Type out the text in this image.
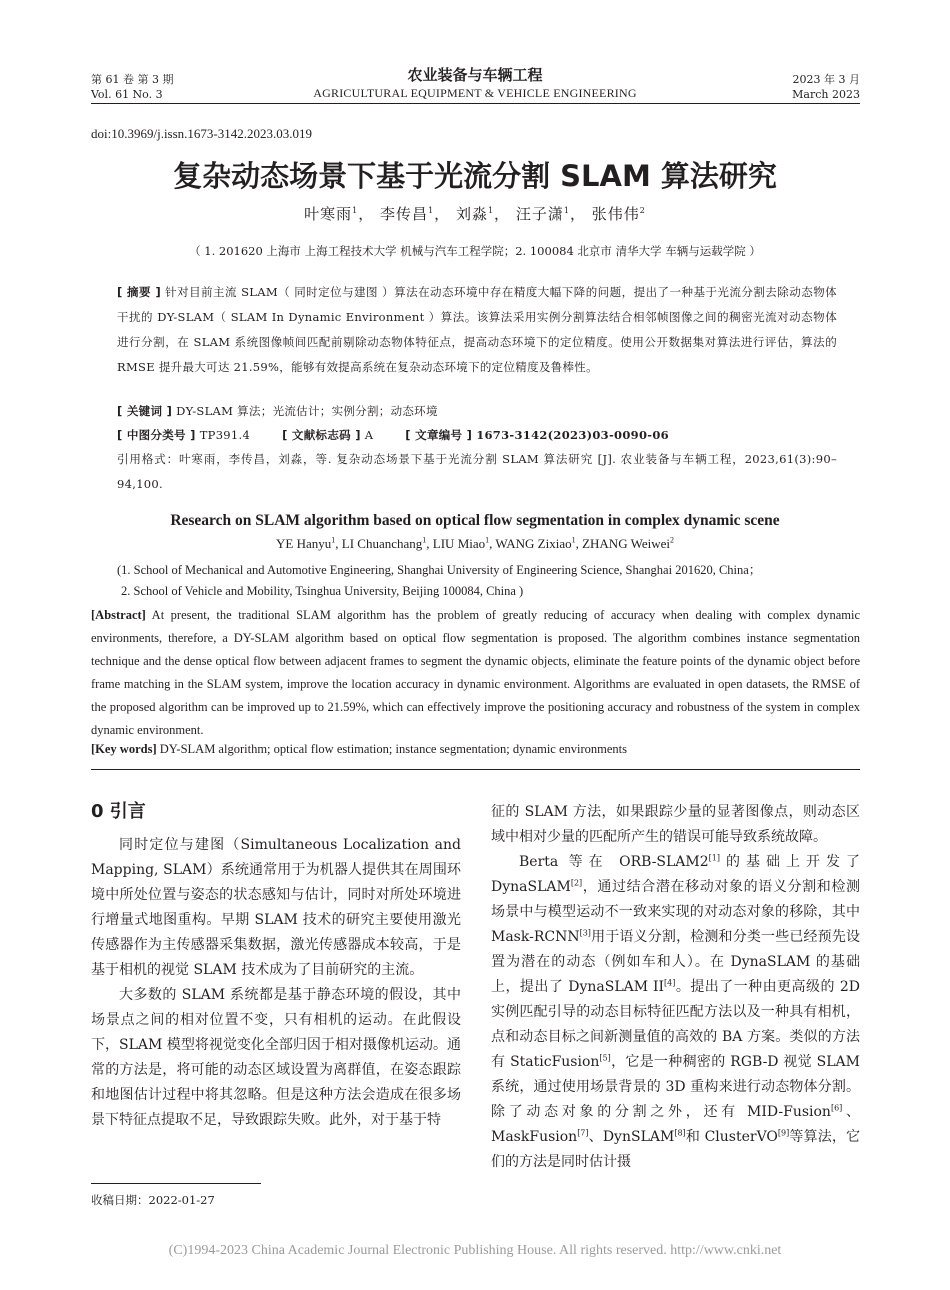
第 61 卷 第 3 期
Vol. 61 No. 3
农业装备与车辆工程
AGRICULTURAL EQUIPMENT & VEHICLE ENGINEERING
2023 年 3 月
March 2023
doi:10.3969/j.issn.1673-3142.2023.03.019
复杂动态场景下基于光流分割 SLAM 算法研究
叶寒雨$^1$， 李传昌$^1$， 刘淼$^1$， 汪子潇$^1$， 张伟伟$^2$
（ 1. 201620 上海市 上海工程技术大学 机械与汽车工程学院；2. 100084 北京市 清华大学 车辆与运载学院 ）
[ 摘要 ] 针对目前主流 SLAM（ 同时定位与建图 ）算法在动态环境中存在精度大幅下降的问题，提出了一种基于光流分割去除动态物体干扰的 DY-SLAM（ SLAM In Dynamic Environment ）算法。该算法采用实例分割算法结合相邻帧图像之间的稠密光流对动态物体进行分割，在 SLAM 系统图像帧间匹配前剔除动态物体特征点，提高动态环境下的定位精度。使用公开数据集对算法进行评估，算法的 RMSE 提升最大可达 21.59%，能够有效提高系统在复杂动态环境下的定位精度及鲁棒性。
[ 关键词 ] DY-SLAM 算法；光流估计；实例分割；动态环境
[ 中图分类号 ] TP391.4	[ 文献标志码 ] A	[ 文章编号 ] 1673-3142(2023)03-0090-06
引用格式：叶寒雨，李传昌，刘淼，等. 复杂动态场景下基于光流分割 SLAM 算法研究 [J]. 农业装备与车辆工程，2023,61(3):90–94,100.
Research on SLAM algorithm based on optical flow segmentation in complex dynamic scene
YE Hanyu$^1$, LI Chuanchang$^1$, LIU Miao$^1$, WANG Zixiao$^1$, ZHANG Weiwei$^2$
(1. School of Mechanical and Automotive Engineering, Shanghai University of Engineering Science, Shanghai 201620, China；
2. School of Vehicle and Mobility, Tsinghua University, Beijing 100084, China )
[Abstract] At present, the traditional SLAM algorithm has the problem of greatly reducing of accuracy when dealing with complex dynamic environments, therefore, a DY-SLAM algorithm based on optical flow segmentation is proposed. The algorithm combines instance segmentation technique and the dense optical flow between adjacent frames to segment the dynamic objects, eliminate the feature points of the dynamic object before frame matching in the SLAM system, improve the location accuracy in dynamic environment. Algorithms are evaluated in open datasets, the RMSE of the proposed algorithm can be improved up to 21.59%, which can effectively improve the positioning accuracy and robustness of the system in complex dynamic environment.
[Key words] DY-SLAM algorithm; optical flow estimation; instance segmentation; dynamic environments
0 引言

同时定位与建图（Simultaneous Localization and Mapping, SLAM）系统通常用于为机器人提供其在周围环境中所处位置与姿态的状态感知与估计，同时对所处环境进行增量式地图重构。早期 SLAM 技术的研究主要使用激光传感器作为主传感器采集数据，激光传感器成本较高，于是基于相机的视觉 SLAM 技术成为了目前研究的主流。

大多数的 SLAM 系统都是基于静态环境的假设，其中场景点之间的相对位置不变，只有相机的运动。在此假设下，SLAM 模型将视觉变化全部归因于相对摄像机运动。通常的方法是，将可能的动态区域设置为离群值，在姿态跟踪和地图估计过程中将其忽略。但是这种方法会造成在很多场景下特征点提取不足，导致跟踪失败。此外，对于基于特

收稿日期：2022-01-27

征的 SLAM 方法，如果跟踪少量的显著图像点，则动态区域中相对少量的匹配所产生的错误可能导致系统故障。

Berta 等在 ORB-SLAM2[1]的基础上开发了 DynaSLAM[2]，通过结合潜在移动对象的语义分割和检测场景中与模型运动不一致来实现的对动态对象的移除，其中 Mask-RCNN[3]用于语义分割，检测和分类一些已经预先设置为潜在的动态（例如车和人）。在 DynaSLAM 的基础上，提出了 DynaSLAM II[4]。提出了一种由更高级的 2D 实例匹配引导的动态目标特征匹配方法以及一种具有相机，点和动态目标之间新测量值的高效的 BA 方案。类似的方法有 StaticFusion[5]，它是一种稠密的 RGB-D 视觉 SLAM 系统，通过使用场景背景的 3D 重构来进行动态物体分割。除了动态对象的分割之外，还有 MID-Fusion[6]、MaskFusion[7]、DynSLAM[8]和 ClusterVO[9]等算法，它们的方法是同时估计摄

(C)1994-2023 China Academic Journal Electronic Publishing House. All rights reserved. http://www.cnki.net
